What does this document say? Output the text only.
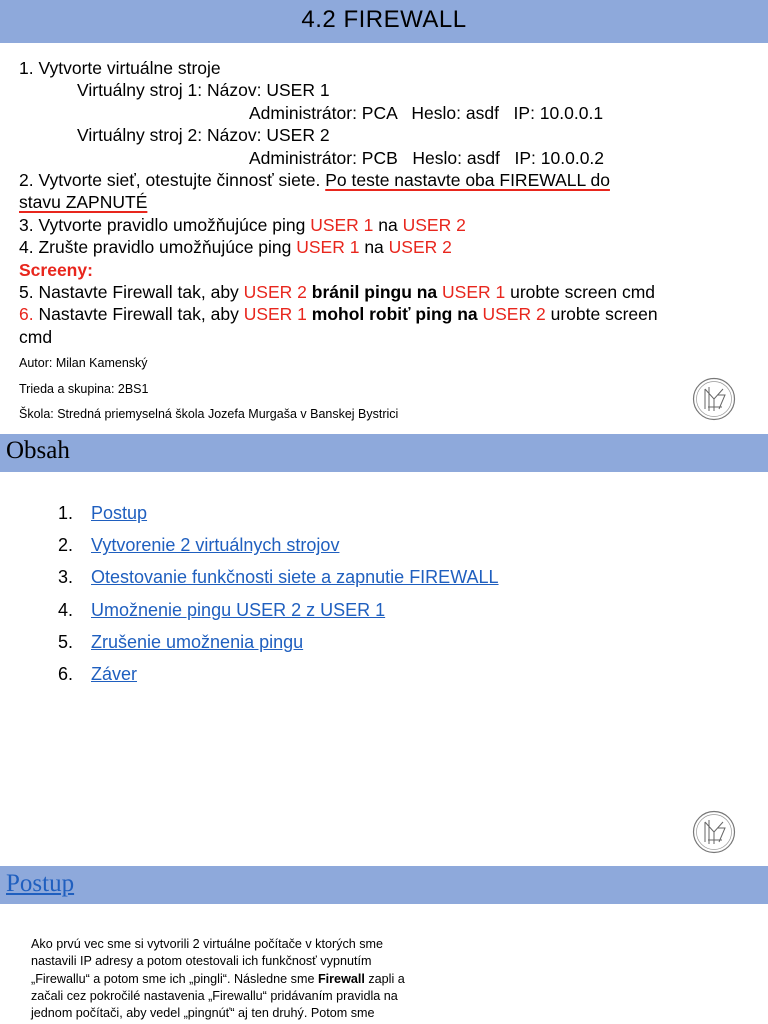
4.2 FIREWALL
1. Vytvorte virtuálne stroje
Virtuálny stroj 1: Názov: USER 1
Administrátor: PCA   Heslo: asdf   IP: 10.0.0.1
Virtuálny stroj 2: Názov: USER 2
Administrátor: PCB   Heslo: asdf   IP: 10.0.0.2
2. Vytvorte sieť, otestujte činnosť siete. Po teste nastavte oba FIREWALL do
stavu ZAPNUTÉ
3. Vytvorte pravidlo umožňujúce ping USER 1 na USER 2
4. Zrušte pravidlo umožňujúce ping USER 1 na USER 2
Screeny:
5. Nastavte Firewall tak, aby USER 2 bránil pingu na USER 1 urobte screen cmd
6. Nastavte Firewall tak, aby USER 1 mohol robiť ping na USER 2 urobte screen
cmd
Autor: Milan Kamenský
Trieda a skupina: 2BS1
Škola: Stredná priemyselná škola Jozefa Murgaša v Banskej Bystrici
Obsah
1. Postup
2. Vytvorenie 2 virtuálnych strojov
3. Otestovanie funkčnosti siete a zapnutie FIREWALL
4. Umožnenie pingu USER 2 z USER 1
5. Zrušenie umožnenia pingu
6. Záver
Postup
Ako prvú vec sme si vytvorili 2 virtuálne počítače v ktorých sme
nastavili IP adresy a potom otestovali ich funkčnosť vypnutím
„Firewallu“ a potom sme ich „pingli“. Následne sme Firewall zapli a
začali cez pokročilé nastavenia „Firewallu“ pridávaním pravidla na
jednom počítači, aby vedel „pingnúť“ aj ten druhý. Potom sme
